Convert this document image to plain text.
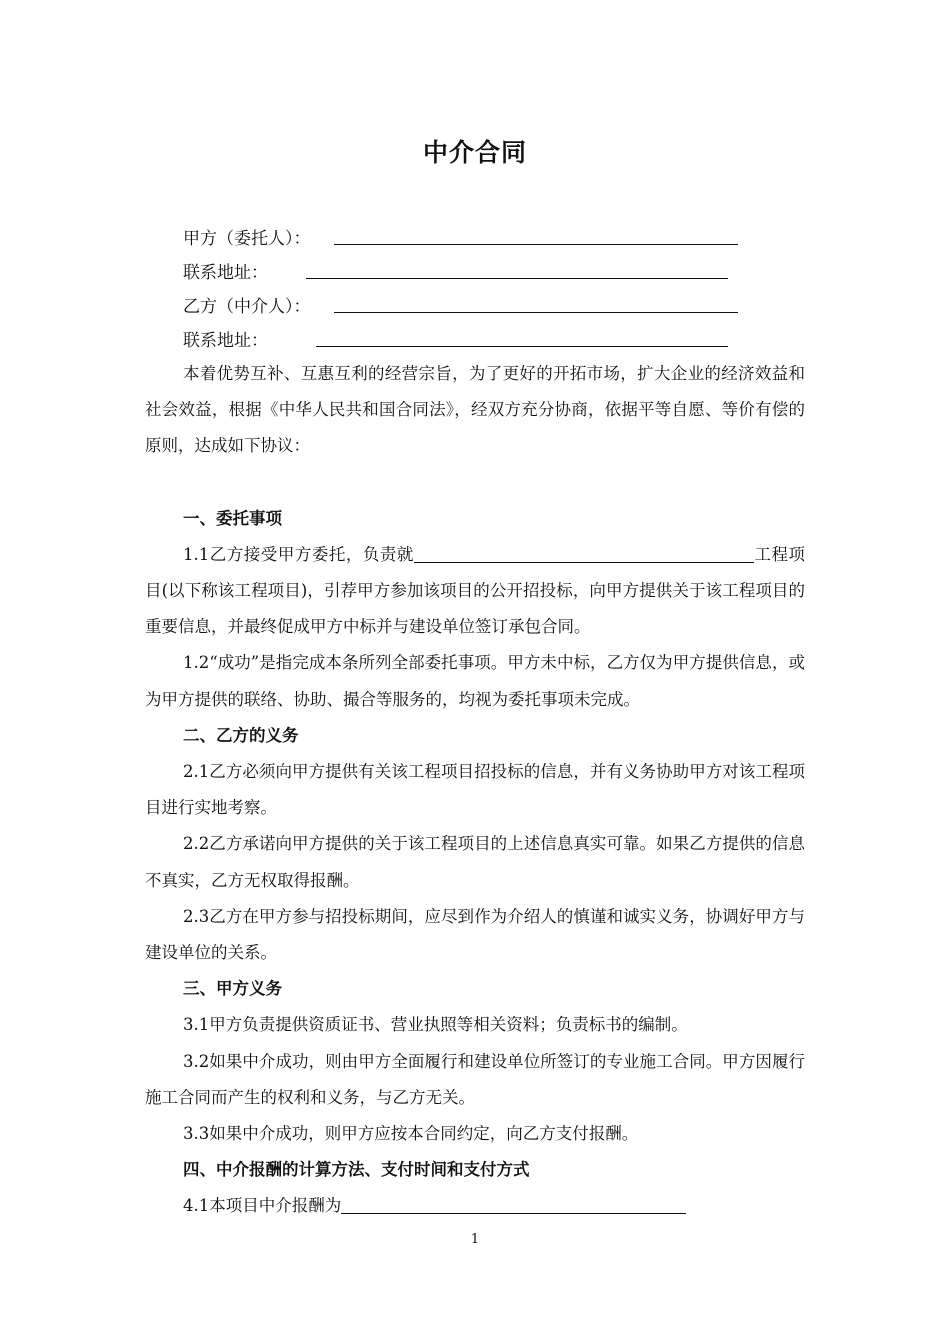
中介合同
甲方（委托人）：
联系地址：
乙方（中介人）：
联系地址：

本着优势互补、互惠互利的经营宗旨，为了更好的开拓市场，扩大企业的经济效益和社会效益，根据《中华人民共和国合同法》，经双方充分协商，依据平等自愿、等价有偿的原则，达成如下协议：

一、委托事项

1.1乙方接受甲方委托，负责就	工程项目(以下称该工程项目)，引荐甲方参加该项目的公开招投标，向甲方提供关于该工程项目的重要信息，并最终促成甲方中标并与建设单位签订承包合同。

1.2“成功”是指完成本条所列全部委托事项。甲方未中标，乙方仅为甲方提供信息，或为甲方提供的联络、协助、撮合等服务的，均视为委托事项未完成。

二、乙方的义务

2.1乙方必须向甲方提供有关该工程项目招投标的信息，并有义务协助甲方对该工程项目进行实地考察。

2.2乙方承诺向甲方提供的关于该工程项目的上述信息真实可靠。如果乙方提供的信息不真实，乙方无权取得报酬。

2.3乙方在甲方参与招投标期间，应尽到作为介绍人的慎谨和诚实义务，协调好甲方与建设单位的关系。

三、甲方义务

3.1甲方负责提供资质证书、营业执照等相关资料；负责标书的编制。

3.2如果中介成功，则由甲方全面履行和建设单位所签订的专业施工合同。甲方因履行施工合同而产生的权利和义务，与乙方无关。

3.3如果中介成功，则甲方应按本合同约定，向乙方支付报酬。

四、中介报酬的计算方法、支付时间和支付方式

4.1本项目中介报酬为

1
